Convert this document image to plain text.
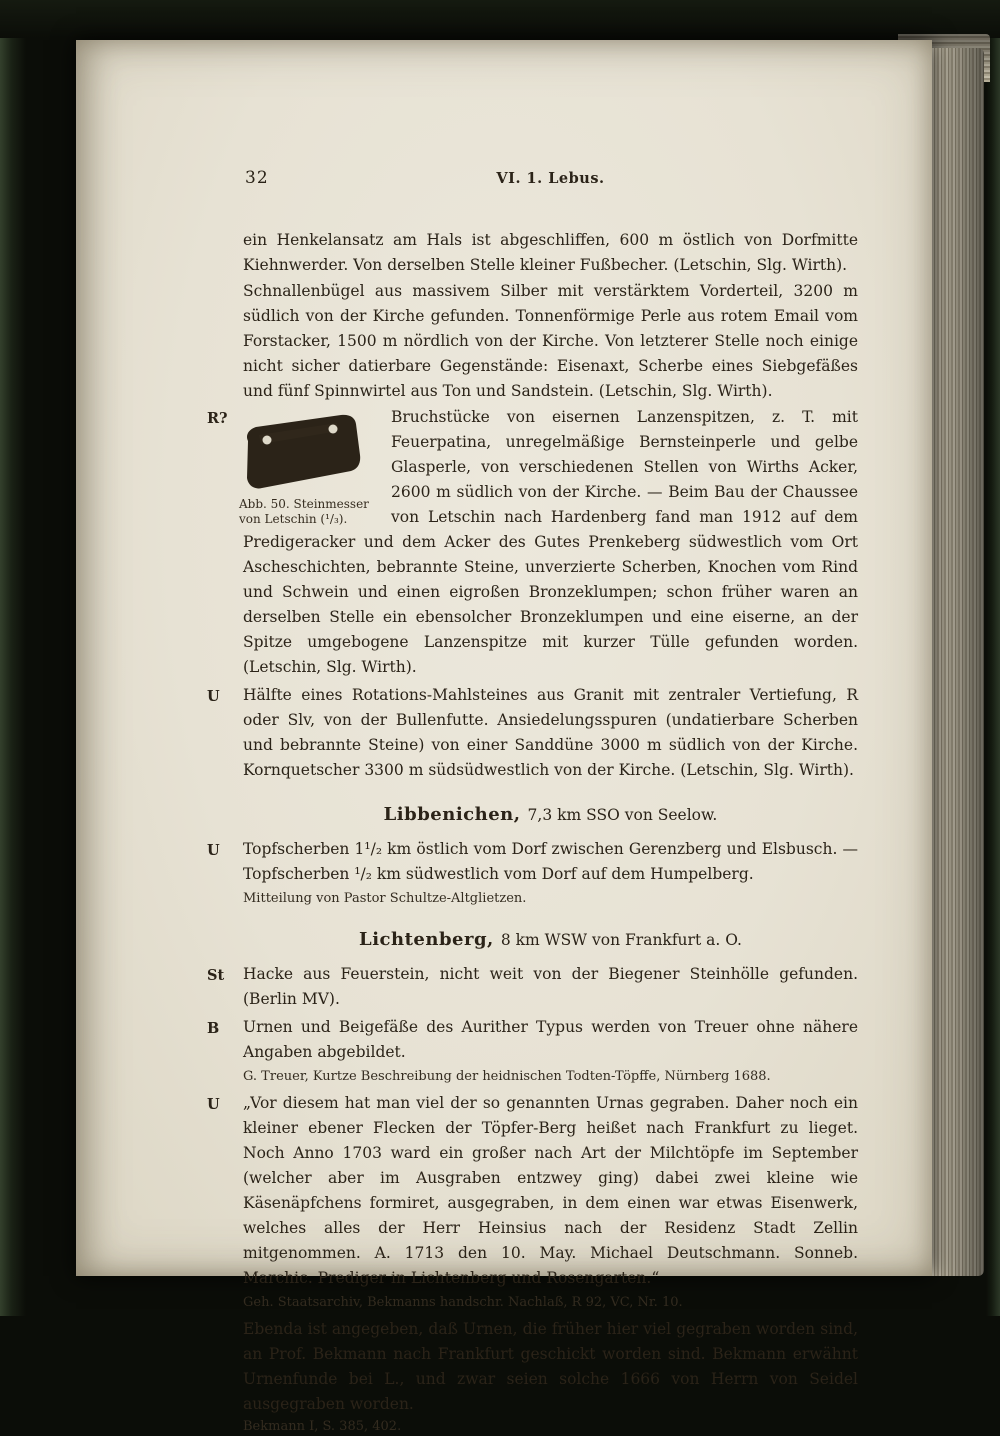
32	VI. 1. Lebus.
ein Henkelansatz am Hals ist abgeschliffen, 600 m östlich von Dorfmitte Kiehnwerder. Von derselben Stelle kleiner Fußbecher. (Letschin, Slg. Wirth).
Schnallenbügel aus massivem Silber mit verstärktem Vorderteil, 3200 m südlich von der Kirche gefunden. Tonnenförmige Perle aus rotem Email vom Forstacker, 1500 m nördlich von der Kirche. Von letzterer Stelle noch einige nicht sicher datierbare Gegenstände: Eisenaxt, Scherbe eines Siebgefäßes und fünf Spinnwirtel aus Ton und Sandstein. (Letschin, Slg. Wirth).
R?
Abb. 50. Steinmesser von Letschin (¹/₃).
Bruchstücke von eisernen Lanzenspitzen, z. T. mit Feuerpatina, unregelmäßige Bernsteinperle und gelbe Glasperle, von verschiedenen Stellen von Wirths Acker, 2600 m südlich von der Kirche. — Beim Bau der Chaussee von Letschin nach Hardenberg fand man 1912 auf dem Predigeracker und dem Acker des Gutes Prenkeberg südwestlich vom Ort Ascheschichten, bebrannte Steine, unverzierte Scherben, Knochen vom Rind und Schwein und einen eigroßen Bronzeklumpen; schon früher waren an derselben Stelle ein ebensolcher Bronzeklumpen und eine eiserne, an der Spitze umgebogene Lanzenspitze mit kurzer Tülle gefunden worden. (Letschin, Slg. Wirth).
U	Hälfte eines Rotations-Mahlsteines aus Granit mit zentraler Vertiefung, R oder Slv, von der Bullenfutte. Ansiedelungsspuren (undatierbare Scherben und bebrannte Steine) von einer Sanddüne 3000 m südlich von der Kirche. Kornquetscher 3300 m südsüdwestlich von der Kirche. (Letschin, Slg. Wirth).
Libbenichen, 7,3 km SSO von Seelow.
U	Topfscherben 1¹/₂ km östlich vom Dorf zwischen Gerenzberg und Elsbusch. — Topfscherben ¹/₂ km südwestlich vom Dorf auf dem Humpelberg.
Mitteilung von Pastor Schultze-Altglietzen.
Lichtenberg, 8 km WSW von Frankfurt a. O.
St	Hacke aus Feuerstein, nicht weit von der Biegener Steinhölle gefunden. (Berlin MV).
B	Urnen und Beigefäße des Aurither Typus werden von Treuer ohne nähere Angaben abgebildet.
G. Treuer, Kurtze Beschreibung der heidnischen Todten-Töpffe, Nürnberg 1688.
U	„Vor diesem hat man viel der so genannten Urnas gegraben. Daher noch ein kleiner ebener Flecken der Töpfer-Berg heißet nach Frankfurt zu lieget. Noch Anno 1703 ward ein großer nach Art der Milchtöpfe im September (welcher aber im Ausgraben entzwey ging) dabei zwei kleine wie Käsenäpfchens formiret, ausgegraben, in dem einen war etwas Eisenwerk, welches alles der Herr Heinsius nach der Residenz Stadt Zellin mitgenommen. A. 1713 den 10. May. Michael Deutschmann. Sonneb. Marchic. Prediger in Lichtenberg und Rosengarten.“
Geh. Staatsarchiv, Bekmanns handschr. Nachlaß, R 92, VC, Nr. 10.
Ebenda ist angegeben, daß Urnen, die früher hier viel gegraben worden sind, an Prof. Bekmann nach Frankfurt geschickt worden sind. Bekmann erwähnt Urnenfunde bei L., und zwar seien solche 1666 von Herrn von Seidel ausgegraben worden.
Bekmann I, S. 385, 402.
